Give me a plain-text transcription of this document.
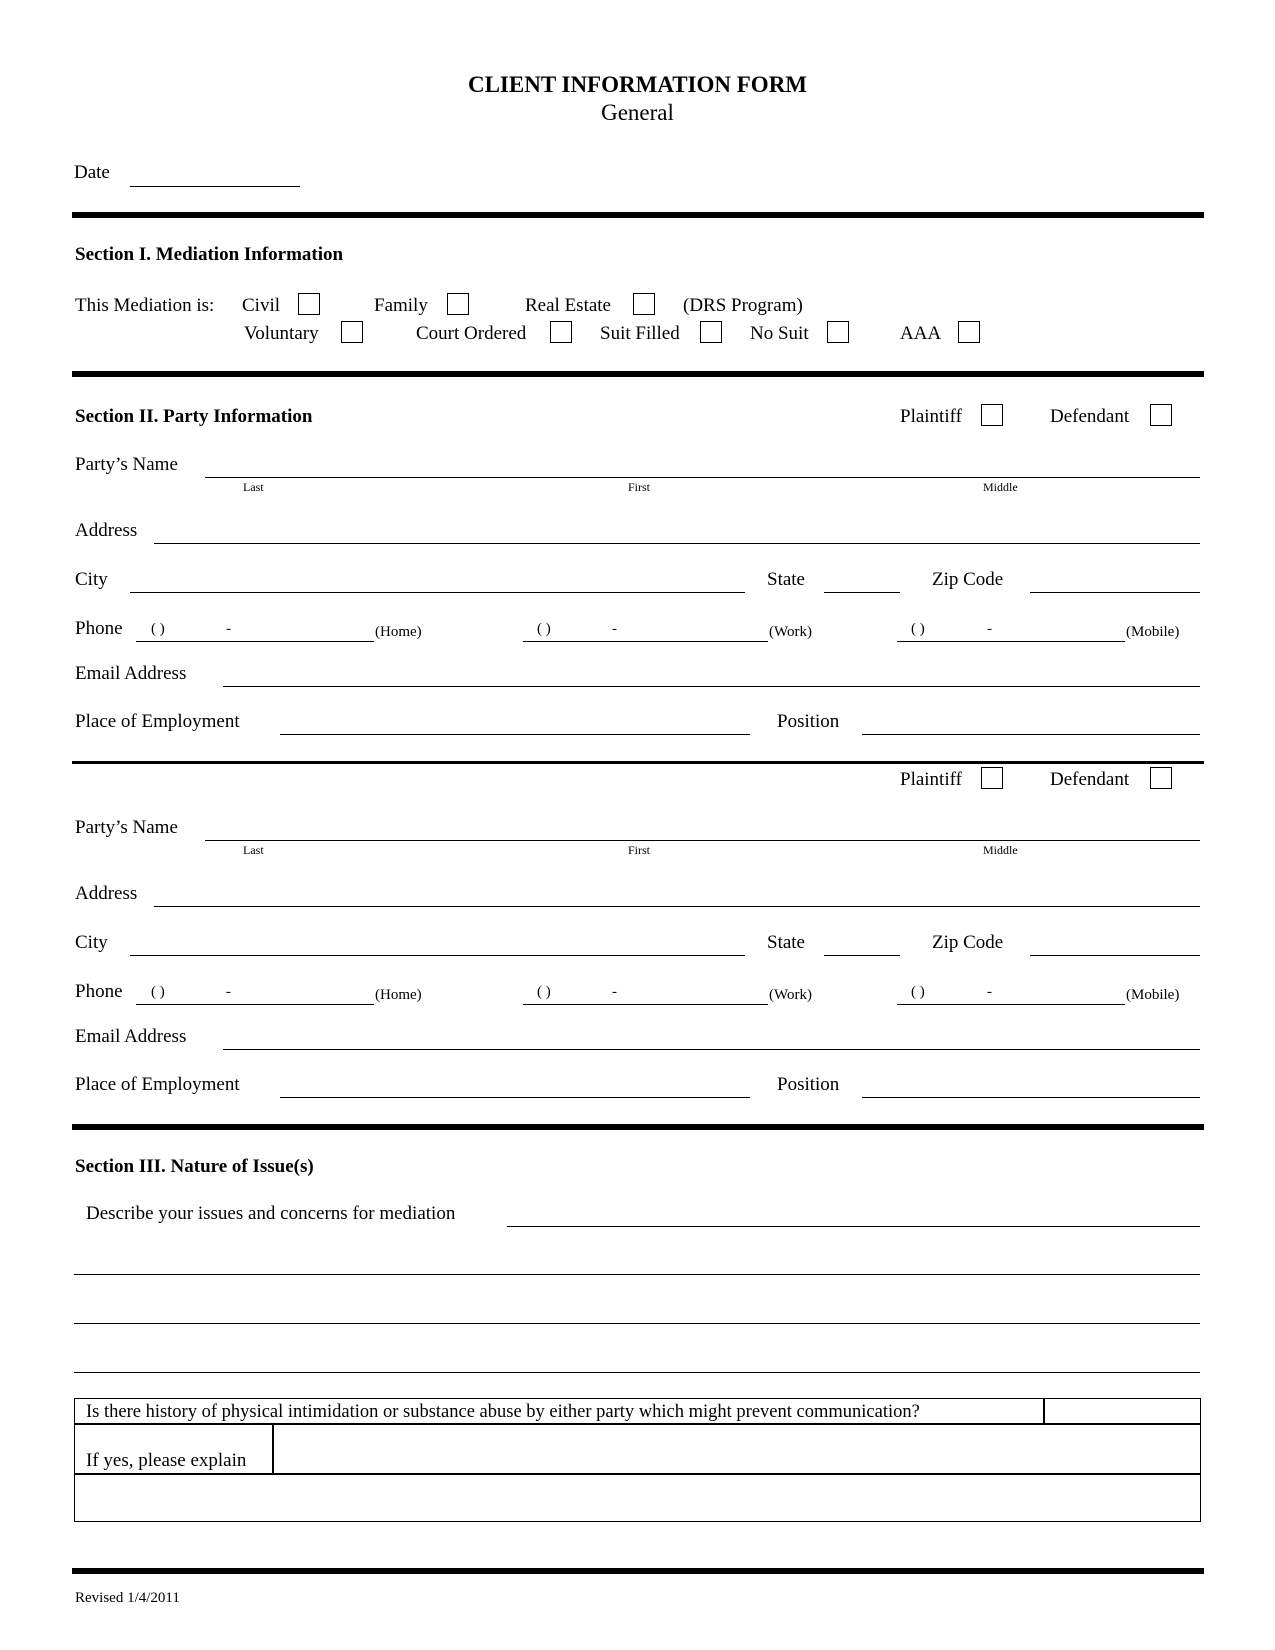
CLIENT INFORMATION FORM
General
Date
Section I. Mediation Information
This Mediation is: Civil	Family	Real Estate	(DRS Program)
Voluntary	Court Ordered	Suit Filled	No Suit	AAA
Section II. Party Information	Plaintiff	Defendant
Party’s Name
Last	First	Middle
Address
City	State	Zip Code
Phone ( )	-	(Home)	( )	-	(Work)	( )	-	(Mobile)
Email Address
Place of Employment	Position
Plaintiff	Defendant
Party’s Name
Last	First	Middle
Address
City	State	Zip Code
Phone ( )	-	(Home)	( )	-	(Work)	( )	-	(Mobile)
Email Address
Place of Employment	Position
Section III. Nature of Issue(s)
Describe your issues and concerns for mediation
Is there history of physical intimidation or substance abuse by either party which might prevent communication?
If yes, please explain
Revised 1/4/2011
